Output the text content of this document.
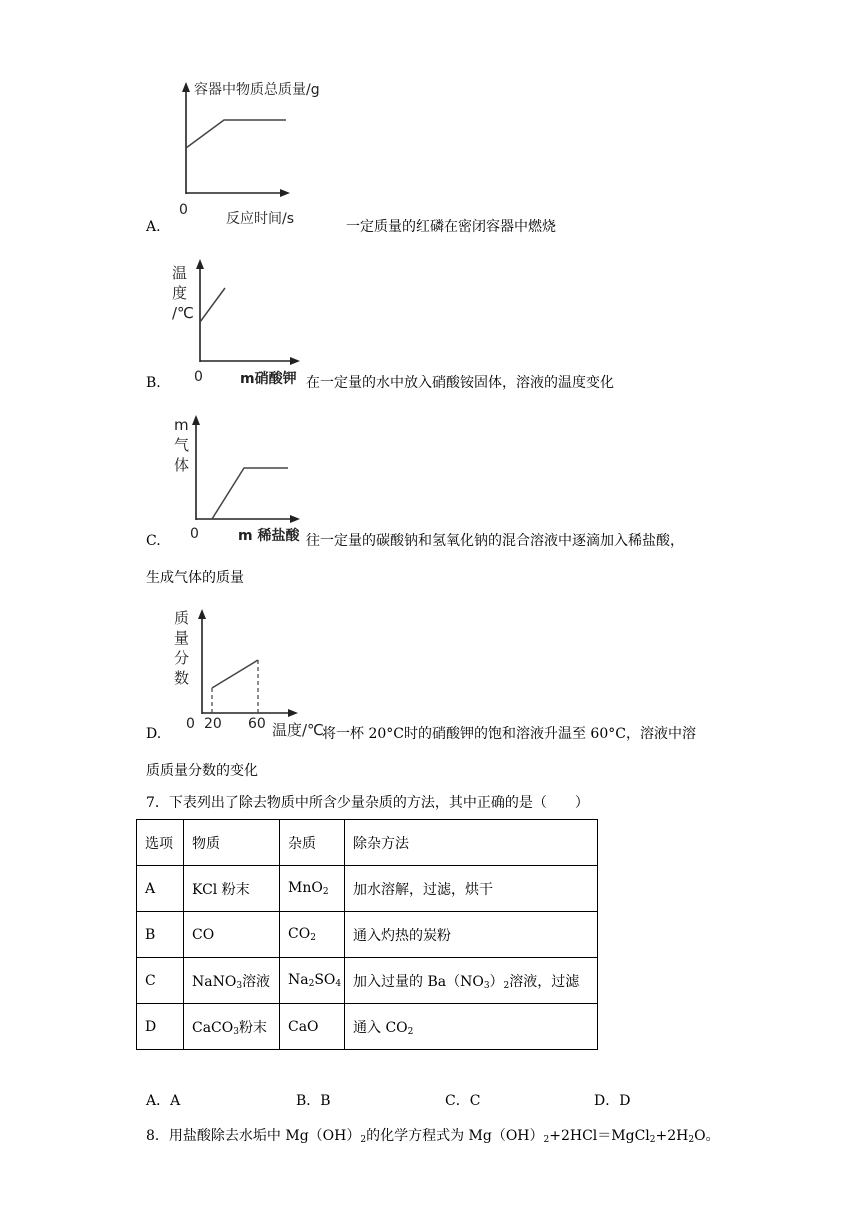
容器中物质总质量/g
0
反应时间/s
A.	一定质量的红磷在密闭容器中燃烧
温
度
/℃
0	m硝酸钾
B.	在一定量的水中放入硝酸铵固体，溶液的温度变化
m
气
体
0	m 稀盐酸
C.	往一定量的碳酸钠和氢氧化钠的混合溶液中逐滴加入稀盐酸，
生成气体的质量
质
量
分
数
0 20 60 温度/℃
D.	将一杯 20°C时的硝酸钾的饱和溶液升温至 60°C，溶液中溶
质质量分数的变化
7．下表列出了除去物质中所含少量杂质的方法，其中正确的是（　　）
选项	物质	杂质	除杂方法
A	KCl 粉末	MnO$_2$	加水溶解，过滤，烘干
B	CO	$CO_2$	通入灼热的炭粉
C	NaNO$_3$溶液	$Na_2SO_4$	加入过量的 $Ba(NO_3)_2$溶液，过滤
D	CaCO$_3$粉末	CaO	通入 $CO_2$
A．A	B．B	C．C	D．D
8．用盐酸除去水垢中 $Mg(OH)_2$的化学方程式为 $Mg(OH)_2+2HCl=MgCl_2+2H_2O$。
